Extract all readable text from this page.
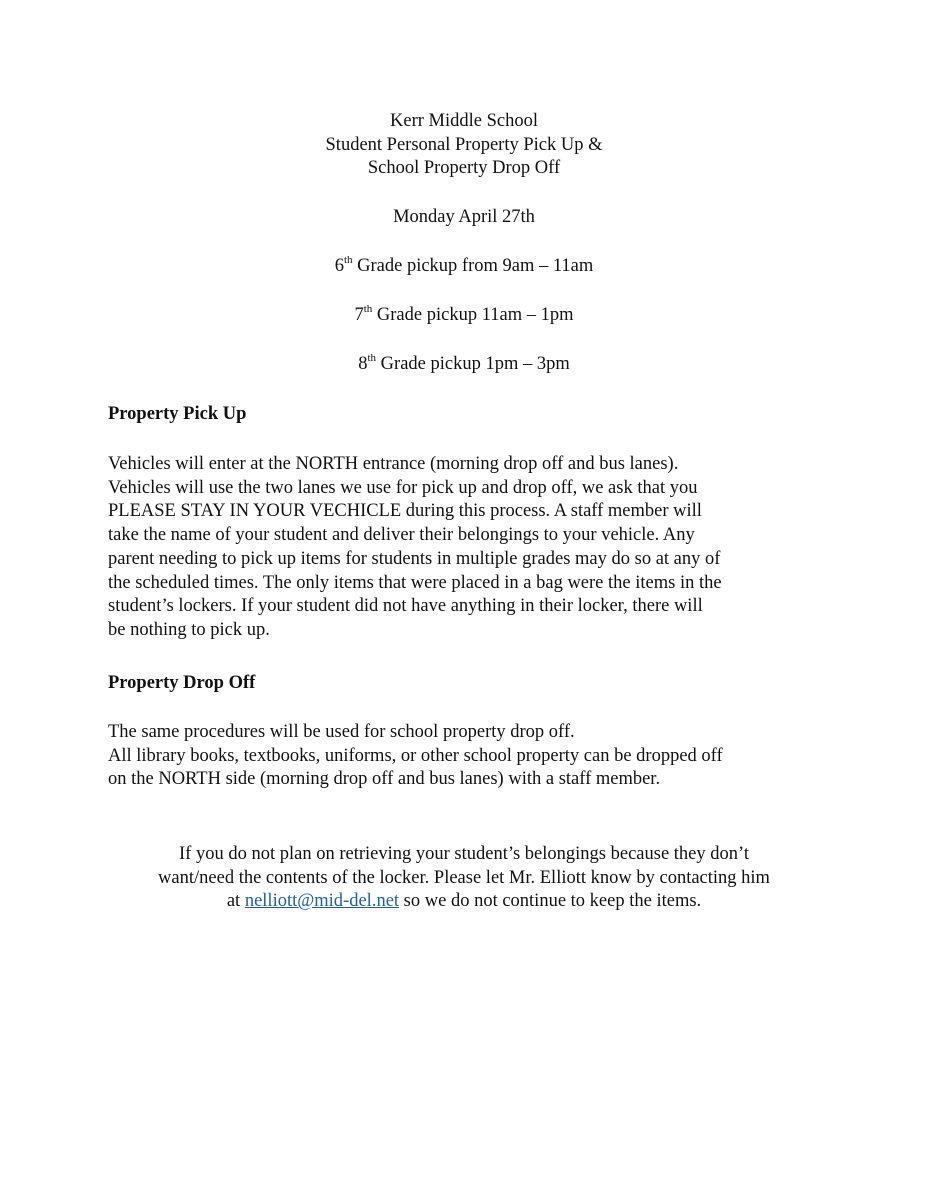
Kerr Middle School
Student Personal Property Pick Up &
School Property Drop Off
Monday April 27th
6th Grade pickup from 9am – 11am
7th Grade pickup 11am – 1pm
8th Grade pickup 1pm – 3pm
Property Pick Up
Vehicles will enter at the NORTH entrance (morning drop off and bus lanes).
Vehicles will use the two lanes we use for pick up and drop off, we ask that you
PLEASE STAY IN YOUR VECHICLE during this process. A staff member will
take the name of your student and deliver their belongings to your vehicle. Any
parent needing to pick up items for students in multiple grades may do so at any of
the scheduled times. The only items that were placed in a bag were the items in the
student’s lockers. If your student did not have anything in their locker, there will
be nothing to pick up.
Property Drop Off
The same procedures will be used for school property drop off.
All library books, textbooks, uniforms, or other school property can be dropped off
on the NORTH side (morning drop off and bus lanes) with a staff member.
If you do not plan on retrieving your student’s belongings because they don’t
want/need the contents of the locker. Please let Mr. Elliott know by contacting him
at nelliott@mid-del.net so we do not continue to keep the items.
